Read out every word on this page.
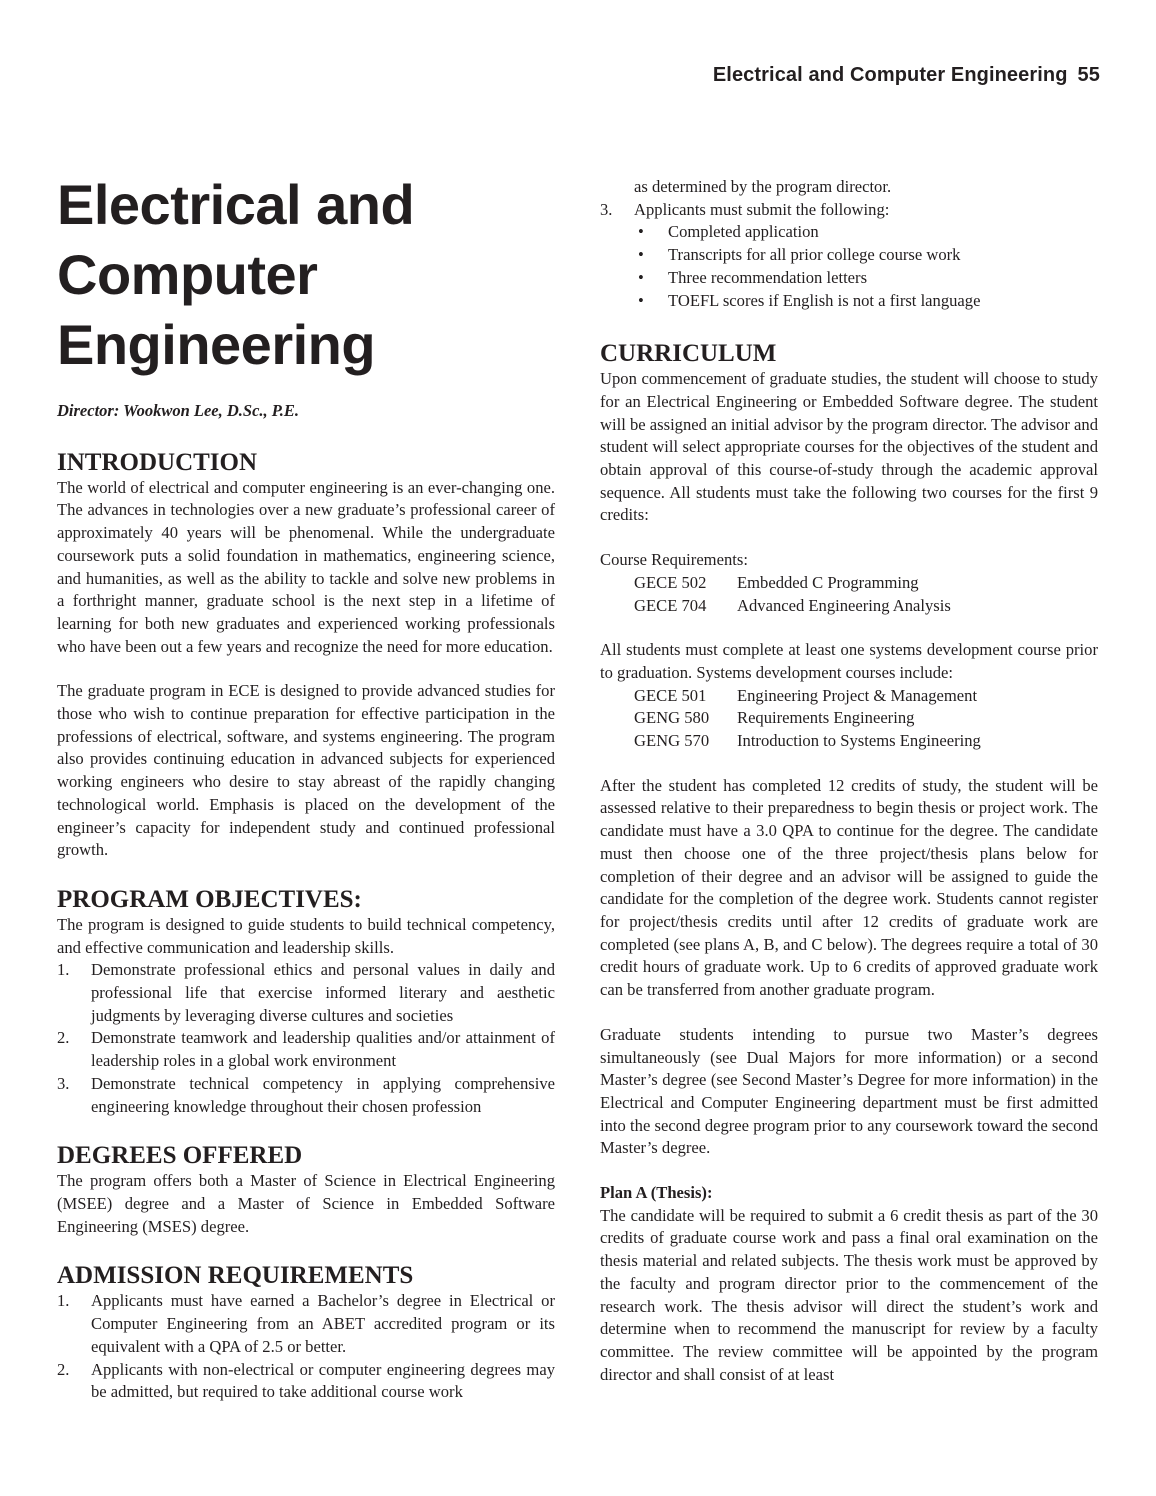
Electrical and Computer Engineering 55
Electrical and
Computer
Engineering

Director: Wookwon Lee, D.Sc., P.E.

INTRODUCTION

The world of electrical and computer engineering is an ever-changing one. The advances in technologies over a new graduate’s professional career of approximately 40 years will be phenomenal. While the undergraduate coursework puts a solid foundation in mathematics, engineering science, and humanities, as well as the ability to tackle and solve new problems in a forthright manner, graduate school is the next step in a lifetime of learning for both new graduates and experienced working professionals who have been out a few years and recognize the need for more education.

The graduate program in ECE is designed to provide advanced studies for those who wish to continue preparation for effective participation in the professions of electrical, software, and systems engineering. The program also provides continuing education in advanced subjects for experienced working engineers who desire to stay abreast of the rapidly changing technological world. Emphasis is placed on the development of the engineer’s capacity for independent study and continued professional growth.

PROGRAM OBJECTIVES:

The program is designed to guide students to build technical competency, and effective communication and leadership skills.

1. Demonstrate professional ethics and personal values in daily and professional life that exercise informed literary and aesthetic judgments by leveraging diverse cultures and societies
2. Demonstrate teamwork and leadership qualities and/or attainment of leadership roles in a global work environment
3. Demonstrate technical competency in applying comprehensive engineering knowledge throughout their chosen profession
DEGREES OFFERED

The program offers both a Master of Science in Electrical Engineering (MSEE) degree and a Master of Science in Embedded Software Engineering (MSES) degree.

ADMISSION REQUIREMENTS
1. Applicants must have earned a Bachelor’s degree in Electrical or Computer Engineering from an ABET accredited program or its equivalent with a QPA of 2.5 or better.
2. Applicants with non-electrical or computer engineering degrees may be admitted, but required to take additional course work
as determined by the program director.
3. Applicants must submit the following:
• Completed application
• Transcripts for all prior college course work
• Three recommendation letters
• TOEFL scores if English is not a first language
CURRICULUM

Upon commencement of graduate studies, the student will choose to study for an Electrical Engineering or Embedded Software degree. The student will be assigned an initial advisor by the program director. The advisor and student will select appropriate courses for the objectives of the student and obtain approval of this course-of-study through the academic approval sequence. All students must take the following two courses for the first 9 credits:

Course Requirements:

GECE 502	Embedded C Programming
GECE 704	Advanced Engineering Analysis

All students must complete at least one systems development course prior to graduation. Systems development courses include:

GECE 501	Engineering Project & Management
GENG 580	Requirements Engineering
GENG 570	Introduction to Systems Engineering

After the student has completed 12 credits of study, the student will be assessed relative to their preparedness to begin thesis or project work. The candidate must have a 3.0 QPA to continue for the degree. The candidate must then choose one of the three project/thesis plans below for completion of their degree and an advisor will be assigned to guide the candidate for the completion of the degree work. Students cannot register for project/thesis credits until after 12 credits of graduate work are completed (see plans A, B, and C below). The degrees require a total of 30 credit hours of graduate work. Up to 6 credits of approved graduate work can be transferred from another graduate program.

Graduate students intending to pursue two Master’s degrees simultaneously (see Dual Majors for more information) or a second Master’s degree (see Second Master’s Degree for more information) in the Electrical and Computer Engineering department must be first admitted into the second degree program prior to any coursework toward the second Master’s degree.

Plan A (Thesis):

The candidate will be required to submit a 6 credit thesis as part of the 30 credits of graduate course work and pass a final oral examination on the thesis material and related subjects. The thesis work must be approved by the faculty and program director prior to the commencement of the research work. The thesis advisor will direct the student’s work and determine when to recommend the manuscript for review by a faculty committee. The review committee will be appointed by the program director and shall consist of at least
